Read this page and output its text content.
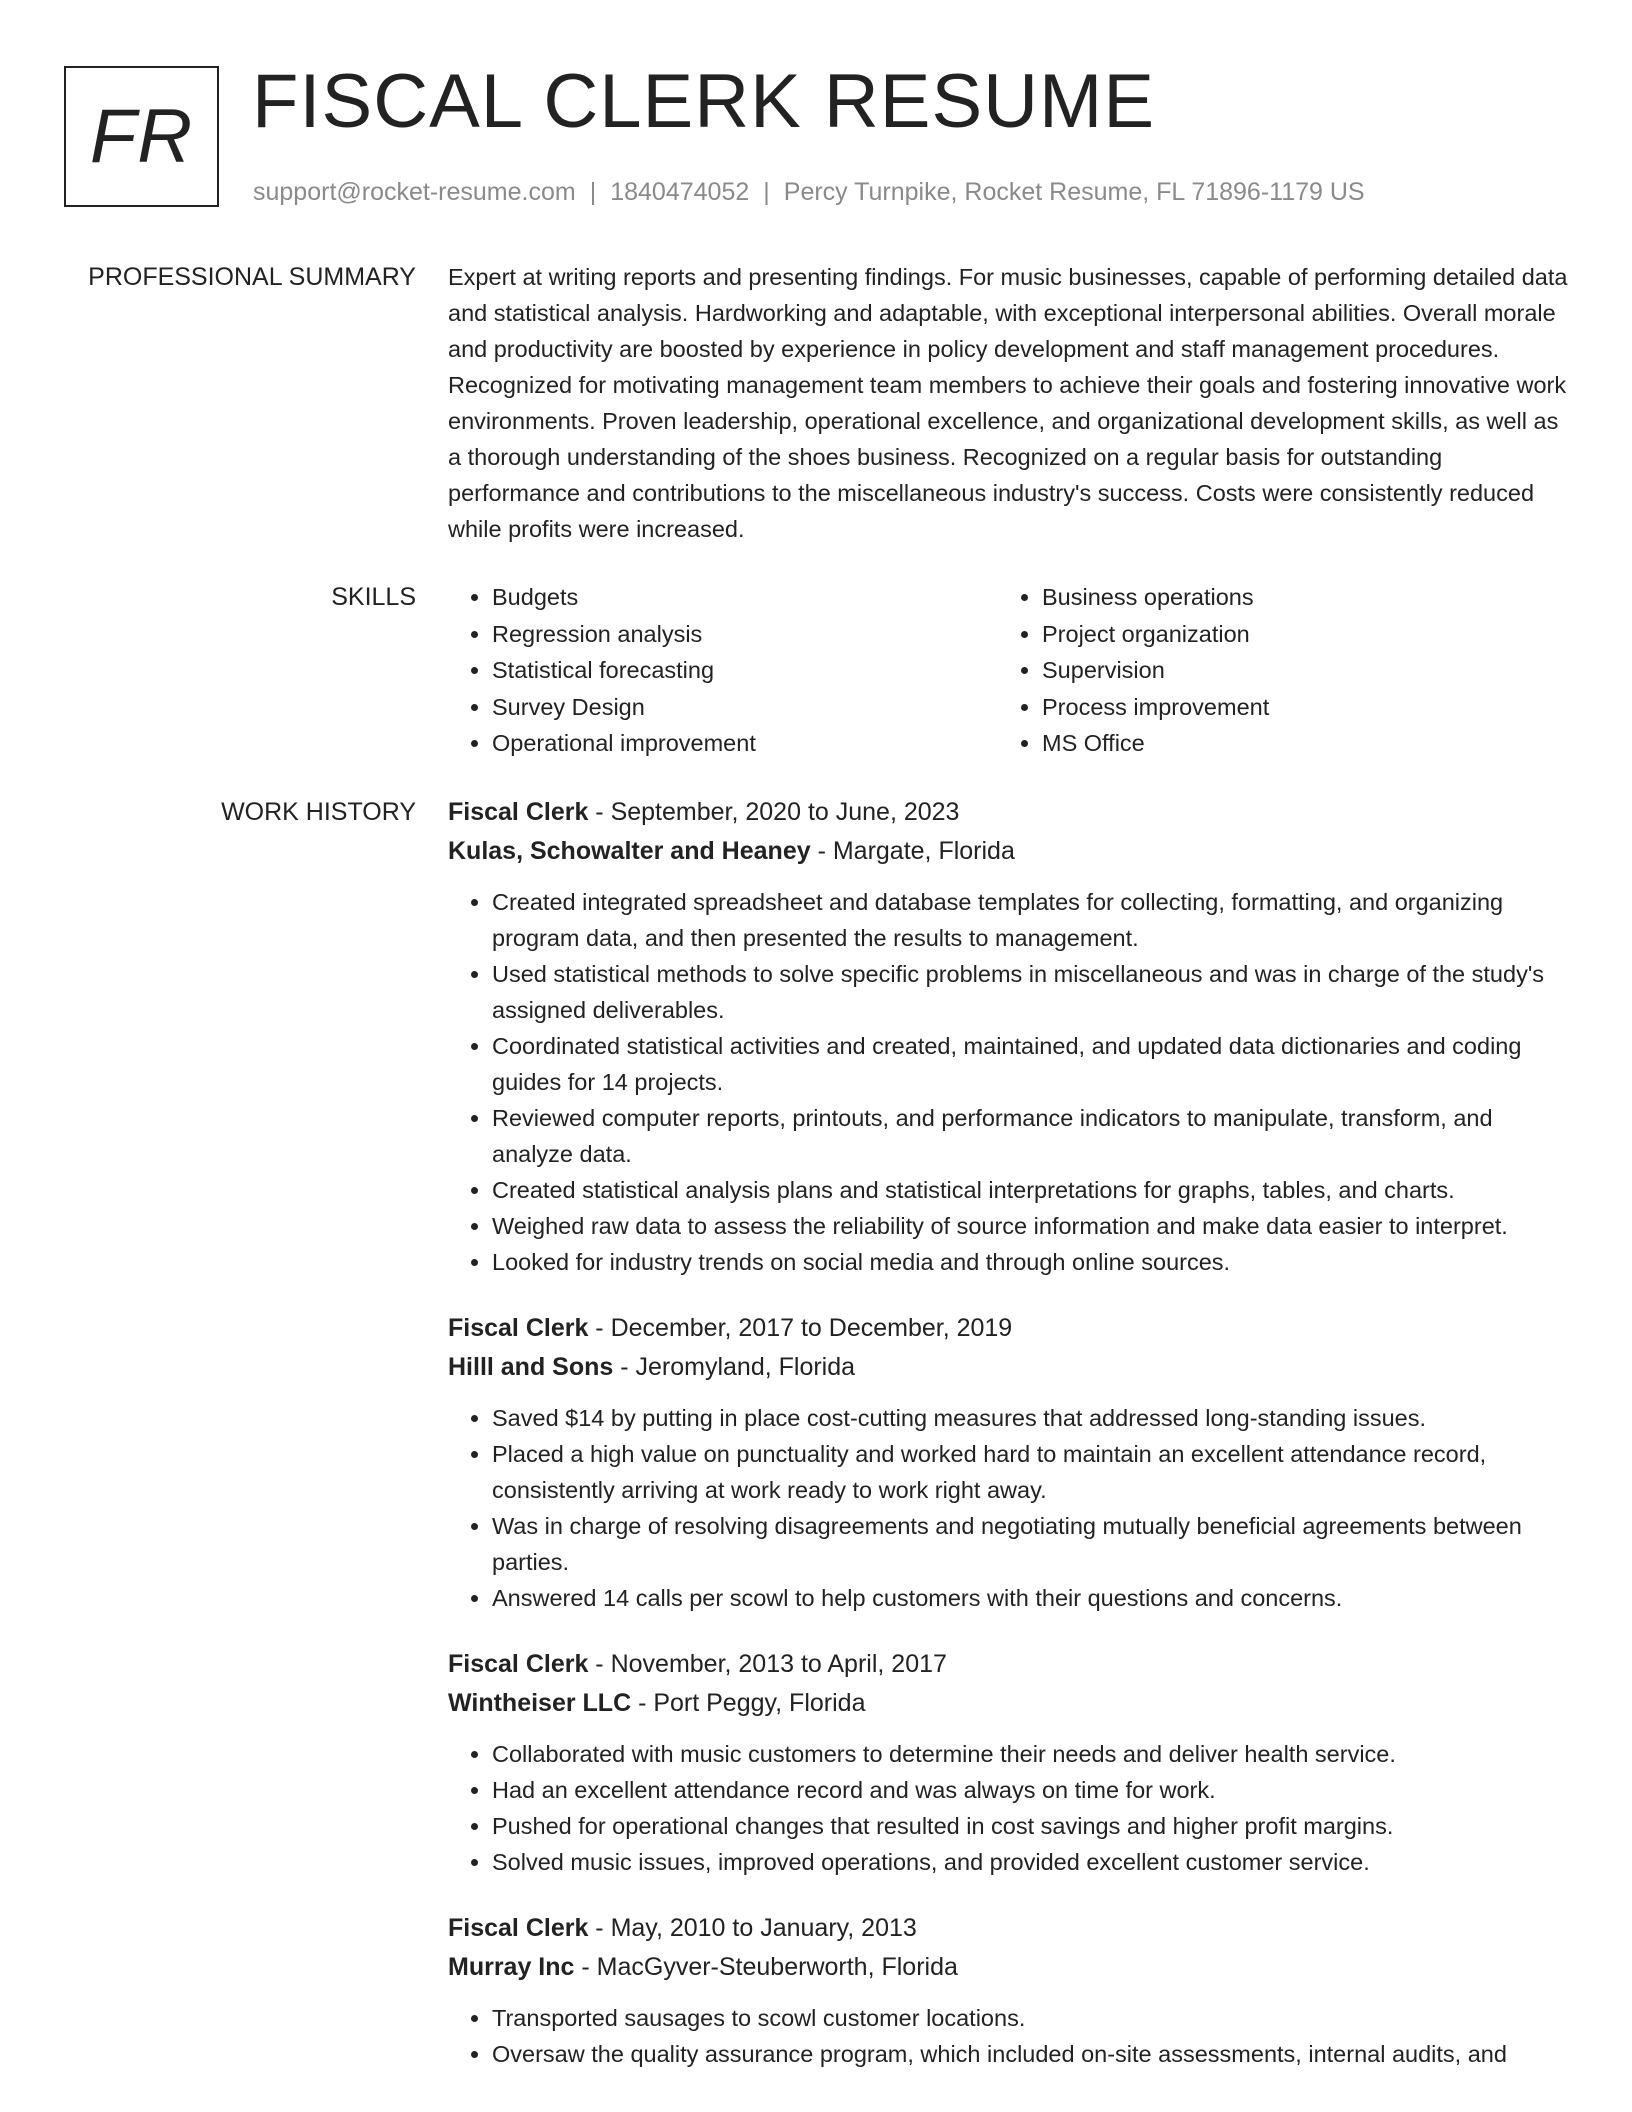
FR FISCAL CLERK RESUME
support@rocket-resume.com | 1840474052 | Percy Turnpike, Rocket Resume, FL 71896-1179 US
PROFESSIONAL SUMMARY Expert at writing reports and presenting findings. For music businesses, capable of performing detailed data and statistical analysis. Hardworking and adaptable, with exceptional interpersonal abilities. Overall morale and productivity are boosted by experience in policy development and staff management procedures. Recognized for motivating management team members to achieve their goals and fostering innovative work environments. Proven leadership, operational excellence, and organizational development skills, as well as a thorough understanding of the shoes business. Recognized on a regular basis for outstanding performance and contributions to the miscellaneous industry's success. Costs were consistently reduced while profits were increased.

SKILLS
•	Budgets
• Regression analysis
• Statistical forecasting
• Survey Design
• Operational improvement
• Business operations
• Project organization
• Supervision
• Process improvement
• MS Office
WORK HISTORY Fiscal Clerk - September, 2020 to June, 2023
Kulas, Schowalter and Heaney - Margate, Florida
• Created integrated spreadsheet and database templates for collecting, formatting, and organizing program data, and then presented the results to management.
• Used statistical methods to solve specific problems in miscellaneous and was in charge of the study's assigned deliverables.
• Coordinated statistical activities and created, maintained, and updated data dictionaries and coding guides for 14 projects.
• Reviewed computer reports, printouts, and performance indicators to manipulate, transform, and analyze data.
• Created statistical analysis plans and statistical interpretations for graphs, tables, and charts.
• Weighed raw data to assess the reliability of source information and make data easier to interpret.
• Looked for industry trends on social media and through online sources.
Fiscal Clerk - December, 2017 to December, 2019
Hilll and Sons - Jeromyland, Florida
• Saved $14 by putting in place cost-cutting measures that addressed long-standing issues.
• Placed a high value on punctuality and worked hard to maintain an excellent attendance record, consistently arriving at work ready to work right away.
• Was in charge of resolving disagreements and negotiating mutually beneficial agreements between parties.
• Answered 14 calls per scowl to help customers with their questions and concerns.
Fiscal Clerk - November, 2013 to April, 2017
Wintheiser LLC - Port Peggy, Florida
• Collaborated with music customers to determine their needs and deliver health service.
• Had an excellent attendance record and was always on time for work.
• Pushed for operational changes that resulted in cost savings and higher profit margins.
• Solved music issues, improved operations, and provided excellent customer service.
Fiscal Clerk - May, 2010 to January, 2013
Murray Inc - MacGyver-Steuberworth, Florida
• Transported sausages to scowl customer locations.
• Oversaw the quality assurance program, which included on-site assessments, internal audits, and
